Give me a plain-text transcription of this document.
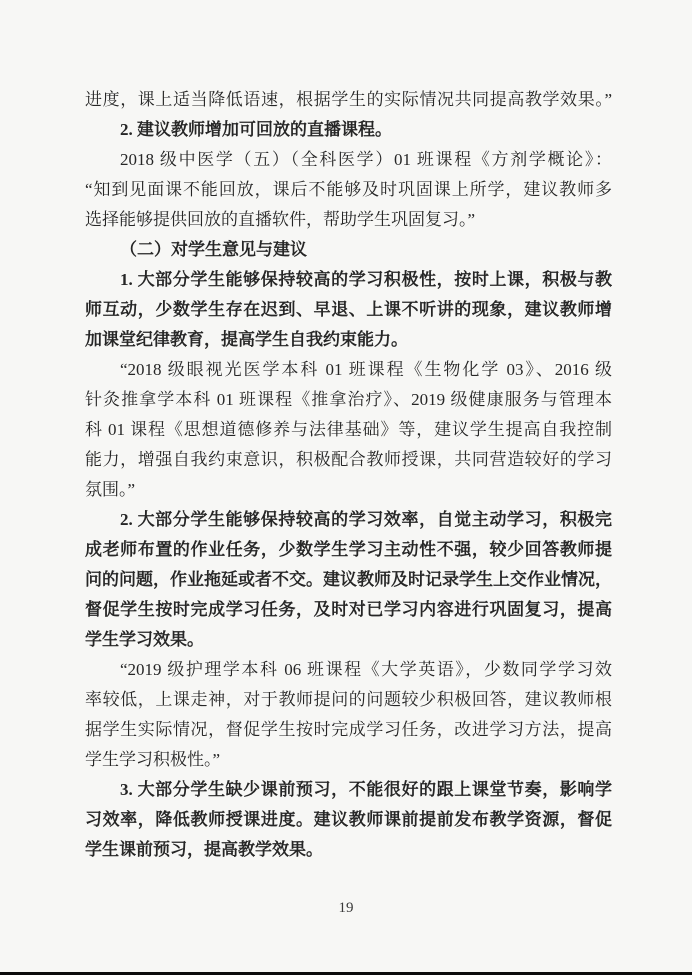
进度，课上适当降低语速，根据学生的实际情况共同提高教学效果。”
2. 建议教师增加可回放的直播课程。
2018 级中医学（五）（全科医学）01 班课程《方剂学概论》：
“知到见面课不能回放，课后不能够及时巩固课上所学，建议教师多
选择能够提供回放的直播软件，帮助学生巩固复习。”
（二）对学生意见与建议
1. 大部分学生能够保持较高的学习积极性，按时上课，积极与教
师互动，少数学生存在迟到、早退、上课不听讲的现象，建议教师增
加课堂纪律教育，提高学生自我约束能力。
“2018 级眼视光医学本科 01 班课程《生物化学 03》、2016 级
针灸推拿学本科 01 班课程《推拿治疗》、2019 级健康服务与管理本
科 01 课程《思想道德修养与法律基础》等，建议学生提高自我控制
能力，增强自我约束意识，积极配合教师授课，共同营造较好的学习
氛围。”
2. 大部分学生能够保持较高的学习效率，自觉主动学习，积极完
成老师布置的作业任务，少数学生学习主动性不强，较少回答教师提
问的问题，作业拖延或者不交。建议教师及时记录学生上交作业情况，
督促学生按时完成学习任务，及时对已学习内容进行巩固复习，提高
学生学习效果。
“2019 级护理学本科 06 班课程《大学英语》，少数同学学习效
率较低，上课走神，对于教师提问的问题较少积极回答，建议教师根
据学生实际情况，督促学生按时完成学习任务，改进学习方法，提高
学生学习积极性。”
3. 大部分学生缺少课前预习，不能很好的跟上课堂节奏，影响学
习效率，降低教师授课进度。建议教师课前提前发布教学资源，督促
学生课前预习，提高教学效果。
19
